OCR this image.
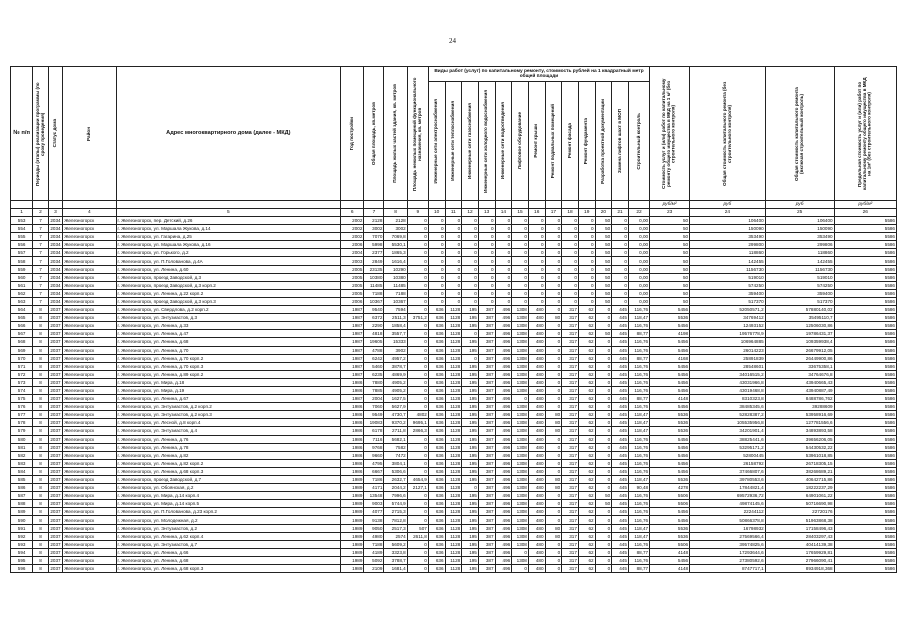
24
№ п/п	Периоды (этапы) реализации программы (по сроку проведения)	Статус дома	Район	Адрес многоквартирного дома (далее - МКД)	Год постройки	Общая площадь, кв.метров	Площадь жилых частей здания, кв. метров	Площадь нежилых помещений функционального назначения, кв. метров	Виды работ (услуг) по капитальному ремонту, стоимость рублей на 1 квадратный метр общей площади													Стоимость услуг и (или) работ по капитальному ремонту общего имущества в МКД на 1 м² (без строительного контроля)	Общая стоимость капитального ремонта (без строительного контроля)	Общая стоимость капитального ремонта (включая строительный контроль)	Предельная стоимость услуг и (или) работ по капитальному ремонту общего имущества в МКД на 1м² (без строительного контроля)

									Инженерные сети электроснабжения	Инженерные сети теплоснабжения	Инженерные сети газоснабжения	Инженерные сети холодного водоснабжения	Инженерные сети водоотведения	Лифтовое оборудование	Ремонт крыши	Ремонт подвальных помещений	Ремонт фасада	Ремонт фундамента	Разработка проектной документации	Замена лифтов шахт в МОП	Строительный контроль				

																						руб/м²	руб	руб	руб/м²
1	2	3	4	5	6	7	8	9	10	11	12	13	14	15	16	17	18	19	20	21	22	23	24	25	26
553	7	2034	Железногорск	г. Железногорск, пер. Детский, д.26	2002	2128	2128	0	0	0	0	0	0	0	0	0	0	0	50	0	0,00	50	106400	106400	5586
554	7	2034	Железногорск	г. Железногорск, ул. Маршала Жукова, д.14	2002	3002	3002	0	0	0	0	0	0	0	0	0	0	0	50	0	0,00	50	150090	150090	5586
555	7	2034	Железногорск	г. Железногорск, ул. Гагарина, д.25	2002	7070	7069,8	0	0	0	0	0	0	0	0	0	0	0	50	0	0,00	50	353490	353490	5586
556	7	2034	Железногорск	г. Железногорск, ул. Маршала Жукова, д.16	2006	5998	5530,1	0	0	0	0	0	0	0	0	0	0	0	50	0	0,00	50	299800	299806	5586
557	7	2034	Железногорск	г. Железногорск, ул. Горького, д.2	2004	2377	1865,3	0	0	0	0	0	0	0	0	0	0	0	50	0	0,00	50	118860	118860	5586
558	7	2034	Железногорск	г. Железногорск, ул. П.Голованова, д.4А	2003	2849	1616,4	0	0	0	0	0	0	0	0	0	0	0	50	0	0,00	50	142455	142455	5586
559	7	2034	Железногорск	г. Железногорск, ул. Ленина, д.60	2005	23135	10290	0	0	0	0	0	0	0	0	0	0	0	50	0	0,00	50	1156730	1156730	5586
560	7	2034	Железногорск	г. Железногорск, проезд Заводской, д.3	2005	10380	10380	0	0	0	0	0	0	0	0	0	0	0	50	0	0,00	50	519010	519010	5586
561	7	2034	Железногорск	г. Железногорск, проезд Заводской, д.3 корп.2	2005	11485	11485	0	0	0	0	0	0	0	0	0	0	0	50	0	0,00	50	574250	574250	5586
562	7	2034	Железногорск	г. Железногорск, ул. Ленина, д.22 корп.2	2005	7188	7188	0	0	0	0	0	0	0	0	0	0	0	50	0	0,00	50	359400	359400	5586
563	7	2034	Железногорск	г. Железногорск, проезд Заводской, д.3 корп.3	2006	10367	10367	0	0	0	0	0	0	0	0	0	0	0	50	0	0,00	50	517370	517370	5586
564	8	2037	Железногорск	г. Железногорск, ул. Свердлова, д.2 корп.2	1987	9540	7594	0	636	1128	195	387	496	1308	480	0	317	62	0	445	116,76	5456	52050571,2	57880140,02	5586
565	8	2037	Железногорск	г. Железногорск, ул. Энтузиастов, д.3	1987	6372	2511,3	3751,2	636	1128	195	387	496	1308	480	80	317	62	0	445	118,47	5536	34769412	35495110,7	5586
566	8	2037	Железногорск	г. Железногорск, ул. Ленина, д.33	1987	2290	1858,4	0	636	1128	195	387	496	1308	480	0	317	62	0	445	116,76	5456	12493152	12506030,86	5586
567	8	2037	Железногорск	г. Железногорск, ул. Ленина, д.47	1987	4818	3557,7	0	636	1128	0	387	496	1308	480	0	317	62	50	445	88,77	4198	19576778,9	19786431,37	5586
568	8	2037	Железногорск	г. Железногорск, ул. Ленина, д.68	1987	19605	15333	0	636	1128	195	387	496	1308	480	0	317	62	0	445	116,76	5456	106964885	109359938,4	5586
569	8	2037	Железногорск	г. Железногорск, ул. Ленина, д.70	1987	4788	3902	0	636	1128	195	387	496	1308	480	0	317	62	0	445	116,76	5456	26014223	26679912,05	5586
570	8	2037	Железногорск	г. Железногорск, ул. Ленина, д.70 корп.2	1987	6242	4957,2	0	636	1128	0	387	496	1308	480	0	317	62	0	445	88,77	4168	25891839	26449900,86	5586
571	8	2037	Железногорск	г. Железногорск, ул. Ленина, д.70 корп.3	1987	5460	3878,7	0	636	1128	195	387	496	1308	480	0	317	62	0	445	116,76	5456	28548601	33675358,1	5586
572	8	2037	Железногорск	г. Железногорск, ул. Ленина, д.89 корп.2	1987	6235	4869,9	0	636	1128	195	387	496	1308	480	0	317	62	0	445	116,76	5456	34016515,2	34764676,8	5586
573	8	2037	Железногорск	г. Железногорск, ул. Мира, д.18	1986	7880	4905,2	0	636	1128	195	387	496	1308	480	0	317	62	0	445	116,76	5456	43031966,8	43940665,43	5586
574	8	2037	Железногорск	г. Железногорск, ул. Мира, д.19	1986	7885	4905,2	0	636	1128	195	387	496	1308	480	0	317	62	0	445	116,76	5456	43019468,8	43940887,49	5586
575	8	2037	Железногорск	г. Железногорск, ул. Ленина, д.67	1987	2004	1627,5	0	636	1128	195	387	496	0	480	0	317	62	0	445	88,77	4148	8310323,8	8488786,762	5586
576	8	2037	Железногорск	г. Железногорск, ул. Энтузиастов, д.2 корп.2	1986	7060	5627,9	0	636	1128	195	387	496	1308	480	0	317	62	0	445	116,76	5456	38485345,6	39288609	5586
577	8	2037	Железногорск	г. Железногорск, ул. Энтузиастов, д.2 корп.3	1986	9549	4730,7	4802	636	1128	195	387	496	1308	480	80	317	62	0	445	118,47	5536	52828387,2	53958916,69	5586
578	8	2037	Железногорск	г. Железногорск, ул. Лесной, д.8 корп.4	1986	19083	9370,2	9695,1	636	1128	195	387	496	1308	480	80	317	62	0	445	118,47	5536	105535956,8	127781556,6	5586
579	8	2037	Железногорск	г. Железногорск, ул. Энтузиастов, д.4	1986	6178	2711,8	2866,3	636	1128	195	387	496	1308	480	80	317	62	0	445	118,47	5536	34201901,4	34893893,58	5586
580	8	2037	Железногорск	г. Железногорск, ул. Ленина, д.76	1986	7116	5682,1	0	636	1128	195	387	496	1308	480	0	317	62	0	445	116,76	5456	38825441,6	39656206,05	5586
581	8	2037	Железногорск	г. Железногорск, ул. Ленина, д.78	1986	9768	7582	0	636	1128	195	387	496	1308	480	0	317	62	0	445	116,76	5456	53295171,2	54430532,22	5586
582	8	2037	Железногорск	г. Железногорск, ул. Ленина, д.82	1986	9660	7472	0	636	1128	195	387	496	1308	480	0	317	62	0	445	116,76	5456	52800445	53961018,85	5586
583	8	2037	Железногорск	г. Железногорск, ул. Ленина, д.82 корп.2	1986	4795	3804,1	0	636	1128	195	387	496	1308	480	0	317	62	0	445	116,76	5456	26158792	26718305,15	5586
584	8	2037	Железногорск	г. Железногорск, ул. Ленина, д.68 корп.3	1986	6667	5306,6	0	636	1128	195	387	496	1308	480	0	317	62	0	445	116,76	5456	37466807,6	38268689,21	5586
585	8	2037	Железногорск	г. Железногорск, проезд Заводской, д.7	1989	7186	2632,7	4654,9	636	1128	195	387	496	1308	480	80	317	62	0	445	118,47	5536	39780553,6	40642715,86	5586
586	8	2037	Железногорск	г. Железногорск, ул. Обоянская, д.2	1989	4171	2044,2	2127,1	636	1128	0	387	496	1308	480	80	317	62	0	445	90,48	4278	17844821,4	18222237,29	5586
587	8	2037	Железногорск	г. Железногорск, ул. Мира, д.14 корп.4	1989	13548	7996,6	0	636	1128	195	387	496	1308	480	0	317	62	50	445	116,76	5506	69572936,72	64901061,22	5586
588	8	2037	Железногорск	г. Железногорск, ул. Мира, д.14 корп.5	1989	9003	5744,9	0	636	1128	195	387	496	1308	480	0	317	62	50	445	116,76	5506	49874145,6	50716690,98	5586
589	8	2037	Железногорск	г. Железногорск, ул. П.Голованова, д.23 корп.2	1989	4077	2715,3	0	636	1128	195	387	496	1308	480	0	317	62	0	445	116,76	5456	22244112	22720176	5586
590	8	2037	Железногорск	г. Железногорск, ул. Молодежная, д.2	1989	9138	7812,8	0	636	1128	195	387	496	1308	480	0	317	62	0	445	116,76	5456	50866378,8	51963868,38	5586
591	8	2037	Железногорск	г. Железногорск, ул. Энтузиастов, д.2	1989	9050	2517,3	507	636	1128	195	387	496	1308	480	80	317	62	0	445	118,47	5536	16798932	17158496,43	5586
592	8	2037	Железногорск	г. Железногорск, ул. Ленина, д.62 корп.4	1989	4980	2574	2611,8	636	1128	195	387	496	1308	480	80	317	62	0	445	118,47	5536	27569566,4	28403297,43	5586
593	8	2037	Железногорск	г. Железногорск, ул. Энтузиастов, д.7	1989	7188	5609,2	0	636	1128	195	387	496	1308	480	0	317	62	0	445	116,76	5506	39574825,6	40414139,38	5586
594	8	2037	Железногорск	г. Железногорск, ул. Ленина, д.66	1989	4189	3323,8	0	636	1128	195	387	496	0	480	0	317	62	0	445	88,77	4148	17293644,6	17659929,81	5586
595	8	2037	Железногорск	г. Железногорск, ул. Ленина, д.68	1989	5092	3788,7	0	636	1128	195	387	496	1308	480	0	317	62	0	445	116,76	5456	27380592,6	27966090,41	5586
596	8	2037	Железногорск	г. Железногорск, ул. Ленина, д.68 корп.3	1989	2109	1681,4	0	636	1128	195	387	496	0	480	0	317	62	0	445	88,77	4148	8747717,1	8934918,368	5586
